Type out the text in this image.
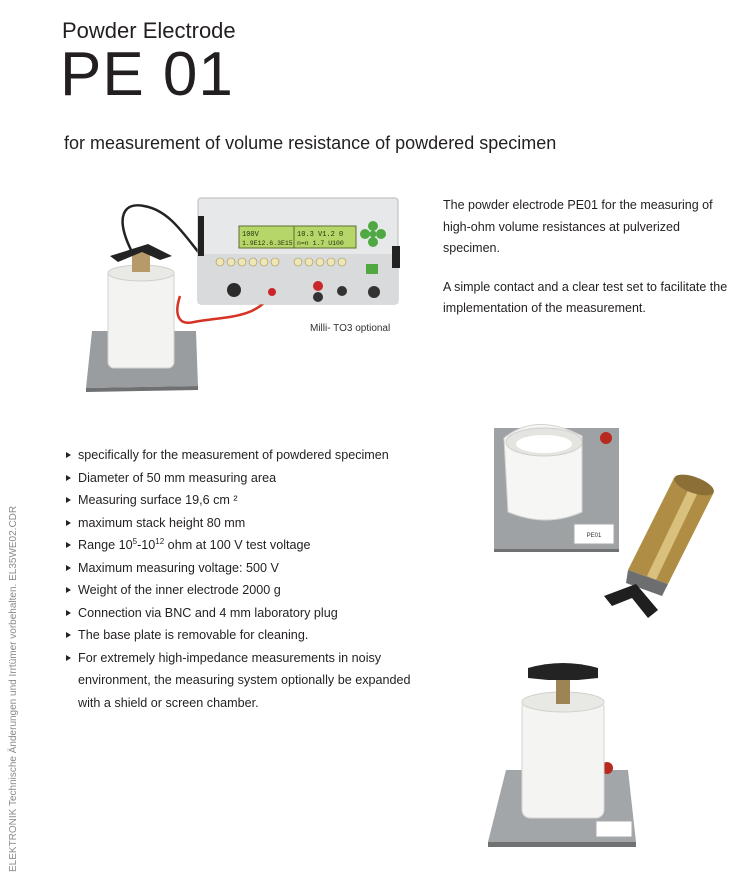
Powder Electrode
PE 01
for measurement of volume resistance of powdered specimen
100V
1.9E12.6.3E15
10.3 V1.2 0
n=n 1.7 U100
Milli- TO3 optional

The powder electrode PE01 for the measuring of high-ohm volume resistances at pulverized specimen.

A simple contact and a clear test set to facilitate the implementation of the measurement.

PE01
specifically for the measurement of powdered specimen
Diameter of 50 mm measuring area
Measuring surface 19,6 cm ²
maximum stack height 80 mm
Range $10^5-10^{12}$ ohm at 100 V test voltage
Maximum measuring voltage: 500 V
Weight of the inner electrode 2000 g
Connection via BNC and 4 mm laboratory plug
The base plate is removable for cleaning.
For extremely high-impedance measurements in noisy environment, the measuring system optionally be expanded with a shield or screen chamber.
ELEKTRONIK Technische Änderungen und Irrtümer vorbehalten. EL35WE02.CDR
